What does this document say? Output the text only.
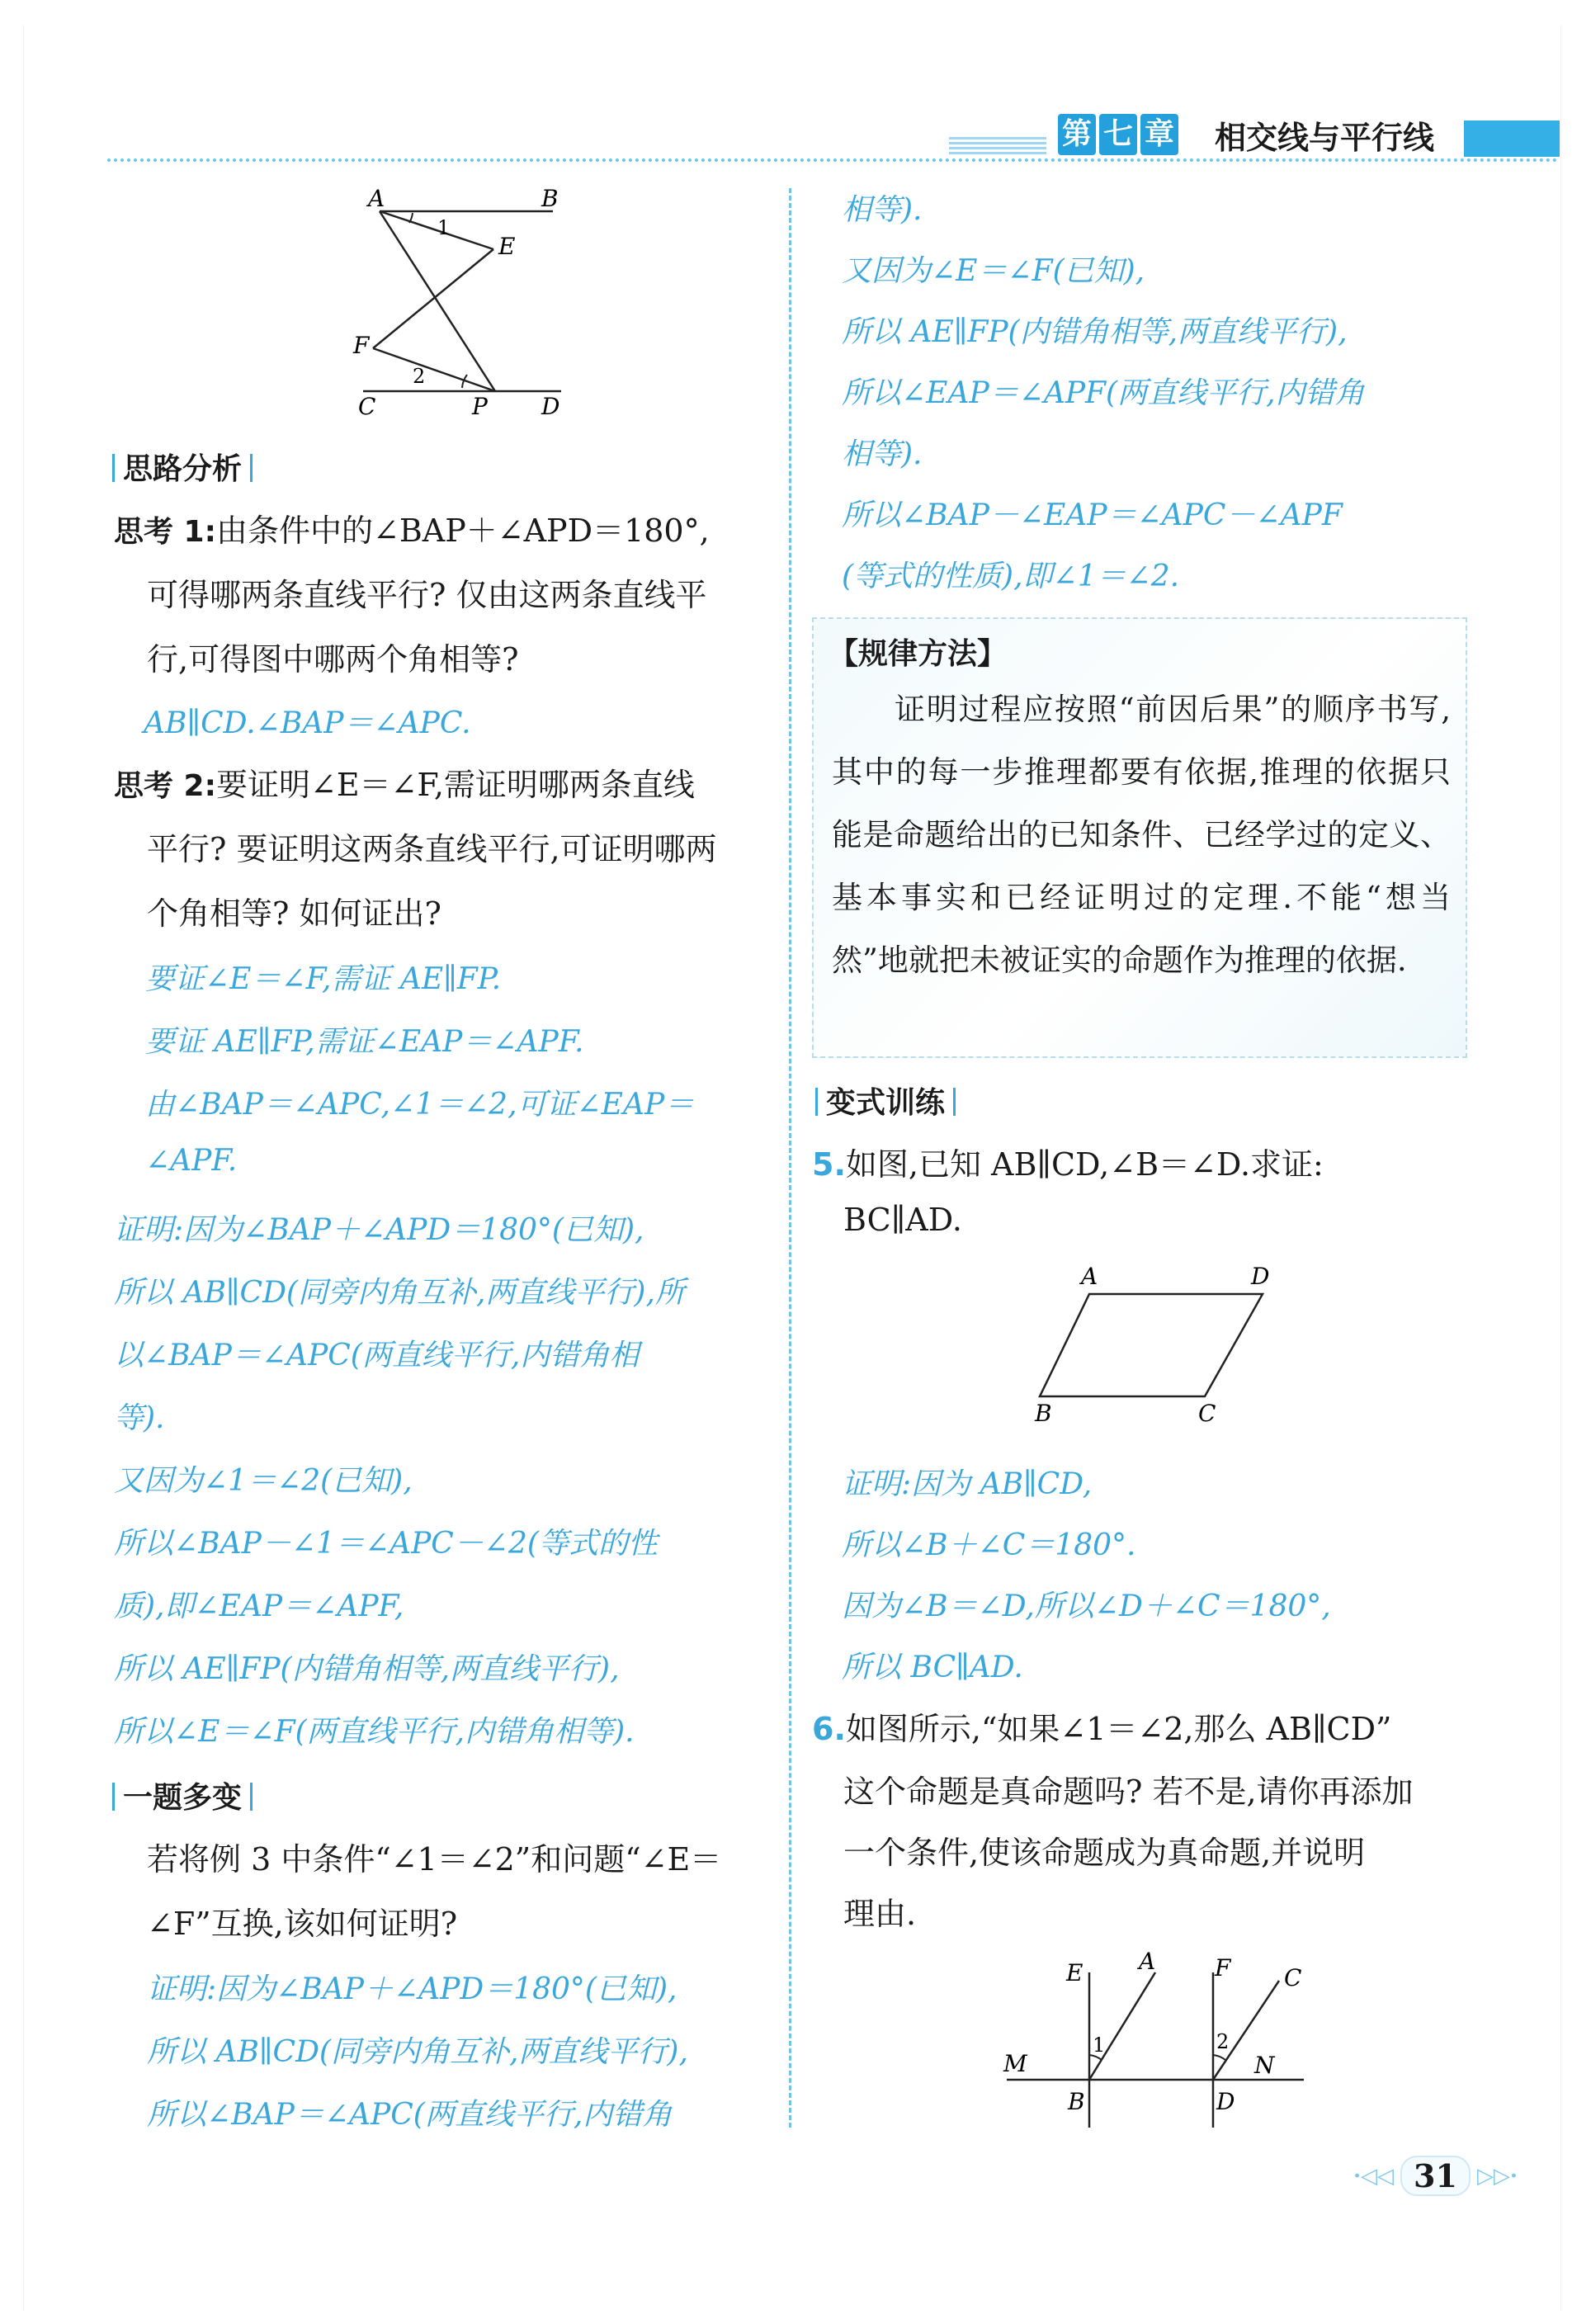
第 七 章 相交线与平行线
A	B
E
F
C	P D
1
2
思路分析
思考 1:由条件中的∠BAP＋∠APD＝180°,
可得哪两条直线平行? 仅由这两条直线平
行,可得图中哪两个角相等?
AB∥CD.∠BAP＝∠APC.
思考 2:要证明∠E＝∠F,需证明哪两条直线
平行? 要证明这两条直线平行,可证明哪两
个角相等? 如何证出?
要证∠E＝∠F,需证 AE∥FP.
要证 AE∥FP,需证∠EAP＝∠APF.
由∠BAP＝∠APC,∠1＝∠2,可证∠EAP＝
∠APF.
证明:因为∠BAP＋∠APD＝180°(已知),
所以 AB∥CD(同旁内角互补,两直线平行),所
以∠BAP＝∠APC(两直线平行,内错角相
等).
又因为∠1＝∠2(已知),
所以∠BAP－∠1＝∠APC－∠2(等式的性
质),即∠EAP＝∠APF,
所以 AE∥FP(内错角相等,两直线平行),
所以∠E＝∠F(两直线平行,内错角相等).
一题多变
若将例 3 中条件“∠1＝∠2”和问题“∠E＝
∠F”互换,该如何证明?
证明:因为∠BAP＋∠APD＝180°(已知),
所以 AB∥CD(同旁内角互补,两直线平行),
所以∠BAP＝∠APC(两直线平行,内错角
相等).
又因为∠E＝∠F(已知),
所以 AE∥FP(内错角相等,两直线平行),
所以∠EAP＝∠APF(两直线平行,内错角
相等).
所以∠BAP－∠EAP＝∠APC－∠APF
(等式的性质),即∠1＝∠2.
【规律方法】
证明过程应按照“前因后果”的顺序书写,其中的每一步推理都要有依据,推理的依据只能是命题给出的已知条件、已经学过的定义、基本事实和已经证明过的定理.不能“想当然”地就把未被证实的命题作为推理的依据.
变式训练
5.如图,已知 AB∥CD,∠B＝∠D.求证:
BC∥AD.
A	D
B	C
证明:因为 AB∥CD,
所以∠B＋∠C＝180°.
因为∠B＝∠D,所以∠D＋∠C＝180°,
所以 BC∥AD.
6.如图所示,“如果∠1＝∠2,那么 AB∥CD”
这个命题是真命题吗? 若不是,请你再添加
一个条件,使该命题成为真命题,并说明
理由.
E A	F C
M	N
B	D
1	2
·◁◁ 31 ▷▷·
